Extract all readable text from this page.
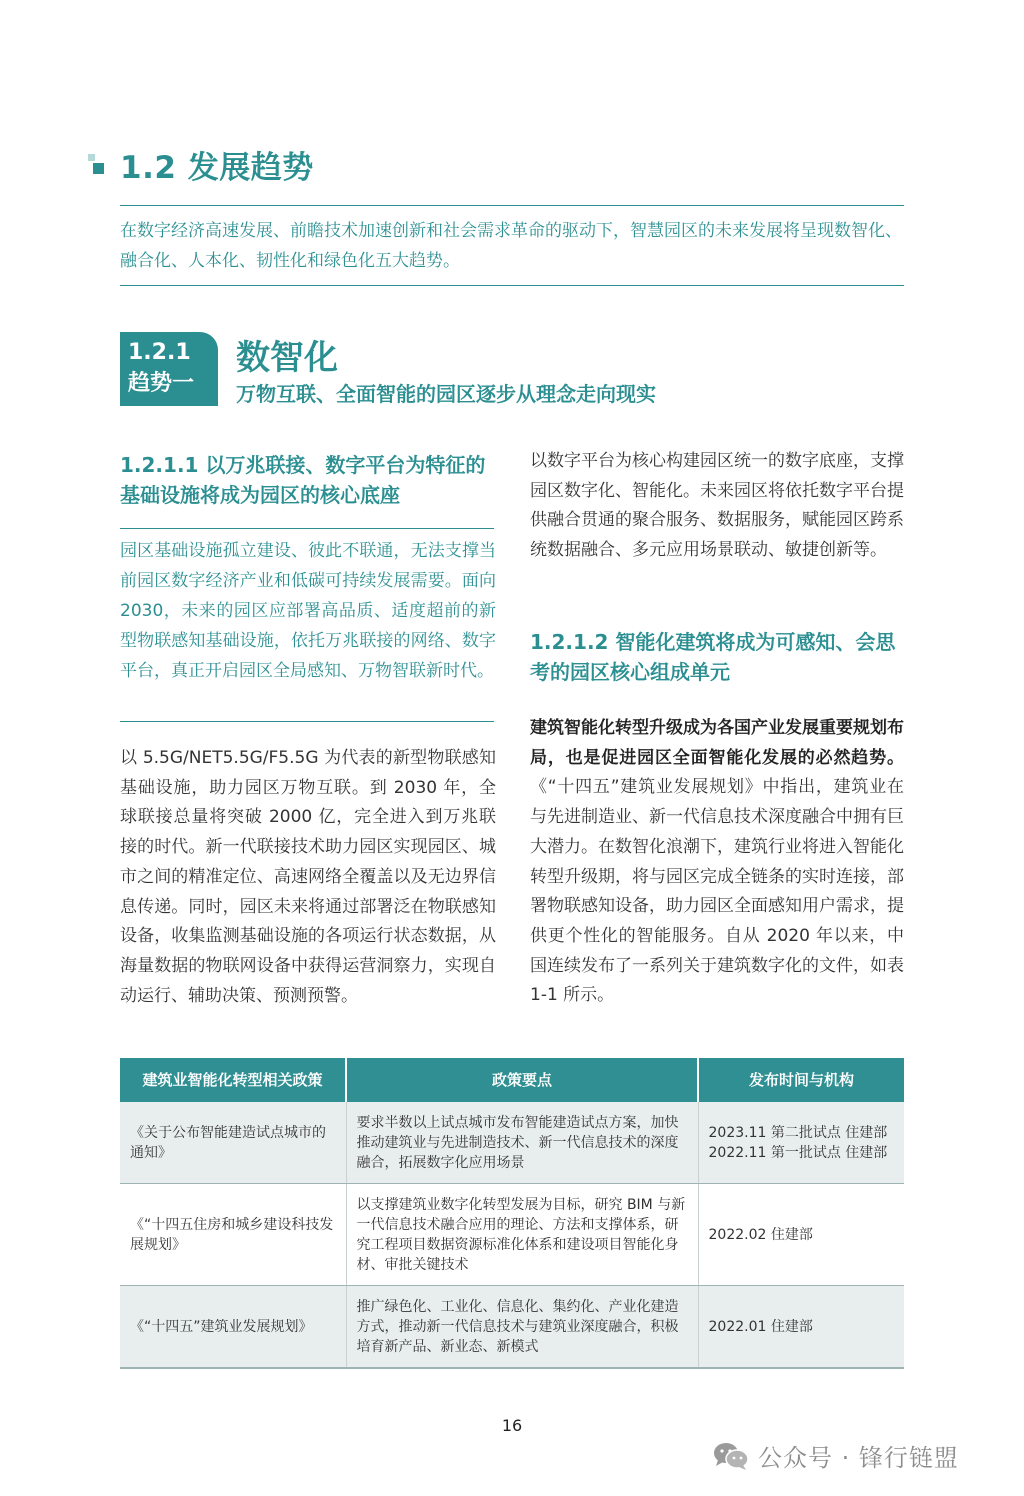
1.2 发展趋势
在数字经济高速发展、前瞻技术加速创新和社会需求革命的驱动下，智慧园区的未来发展将呈现数智化、融合化、人本化、韧性化和绿色化五大趋势。
1.2.1
趋势一
数智化
万物互联、全面智能的园区逐步从理念走向现实
1.2.1.1 以万兆联接、数字平台为特征的基础设施将成为园区的核心底座
园区基础设施孤立建设、彼此不联通，无法支撑当前园区数字经济产业和低碳可持续发展需要。面向 2030，未来的园区应部署高品质、适度超前的新型物联感知基础设施，依托万兆联接的网络、数字平台，真正开启园区全局感知、万物智联新时代。
以 5.5G/NET5.5G/F5.5G 为代表的新型物联感知基础设施，助力园区万物互联。到 2030 年，全球联接总量将突破 2000 亿，完全进入到万兆联接的时代。新一代联接技术助力园区实现园区、城市之间的精准定位、高速网络全覆盖以及无边界信息传递。同时，园区未来将通过部署泛在物联感知设备，收集监测基础设施的各项运行状态数据，从海量数据的物联网设备中获得运营洞察力，实现自动运行、辅助决策、预测预警。
以数字平台为核心构建园区统一的数字底座，支撑园区数字化、智能化。未来园区将依托数字平台提供融合贯通的聚合服务、数据服务，赋能园区跨系统数据融合、多元应用场景联动、敏捷创新等。
1.2.1.2 智能化建筑将成为可感知、会思考的园区核心组成单元
建筑智能化转型升级成为各国产业发展重要规划布局，也是促进园区全面智能化发展的必然趋势。《“十四五”建筑业发展规划》中指出，建筑业在与先进制造业、新一代信息技术深度融合中拥有巨大潜力。在数智化浪潮下，建筑行业将进入智能化转型升级期，将与园区完成全链条的实时连接，部署物联感知设备，助力园区全面感知用户需求，提供更个性化的智能服务。自从 2020 年以来，中国连续发布了一系列关于建筑数字化的文件，如表 1-1 所示。
建筑业智能化转型相关政策	政策要点	发布时间与机构
《关于公布智能建造试点城市的通知》	要求半数以上试点城市发布智能建造试点方案，加快推动建筑业与先进制造技术、新一代信息技术的深度融合，拓展数字化应用场景	2023.11 第二批试点 住建部
2022.11 第一批试点 住建部

《“十四五住房和城乡建设科技发展规划》	以支撑建筑业数字化转型发展为目标，研究 BIM 与新一代信息技术融合应用的理论、方法和支撑体系，研究工程项目数据资源标准化体系和建设项目智能化身材、审批关键技术	2022.02 住建部

《“十四五”建筑业发展规划》	推广绿色化、工业化、信息化、集约化、产业化建造方式，推动新一代信息技术与建筑业深度融合，积极培育新产品、新业态、新模式	2022.01 住建部
16
公众号 · 锋行链盟
